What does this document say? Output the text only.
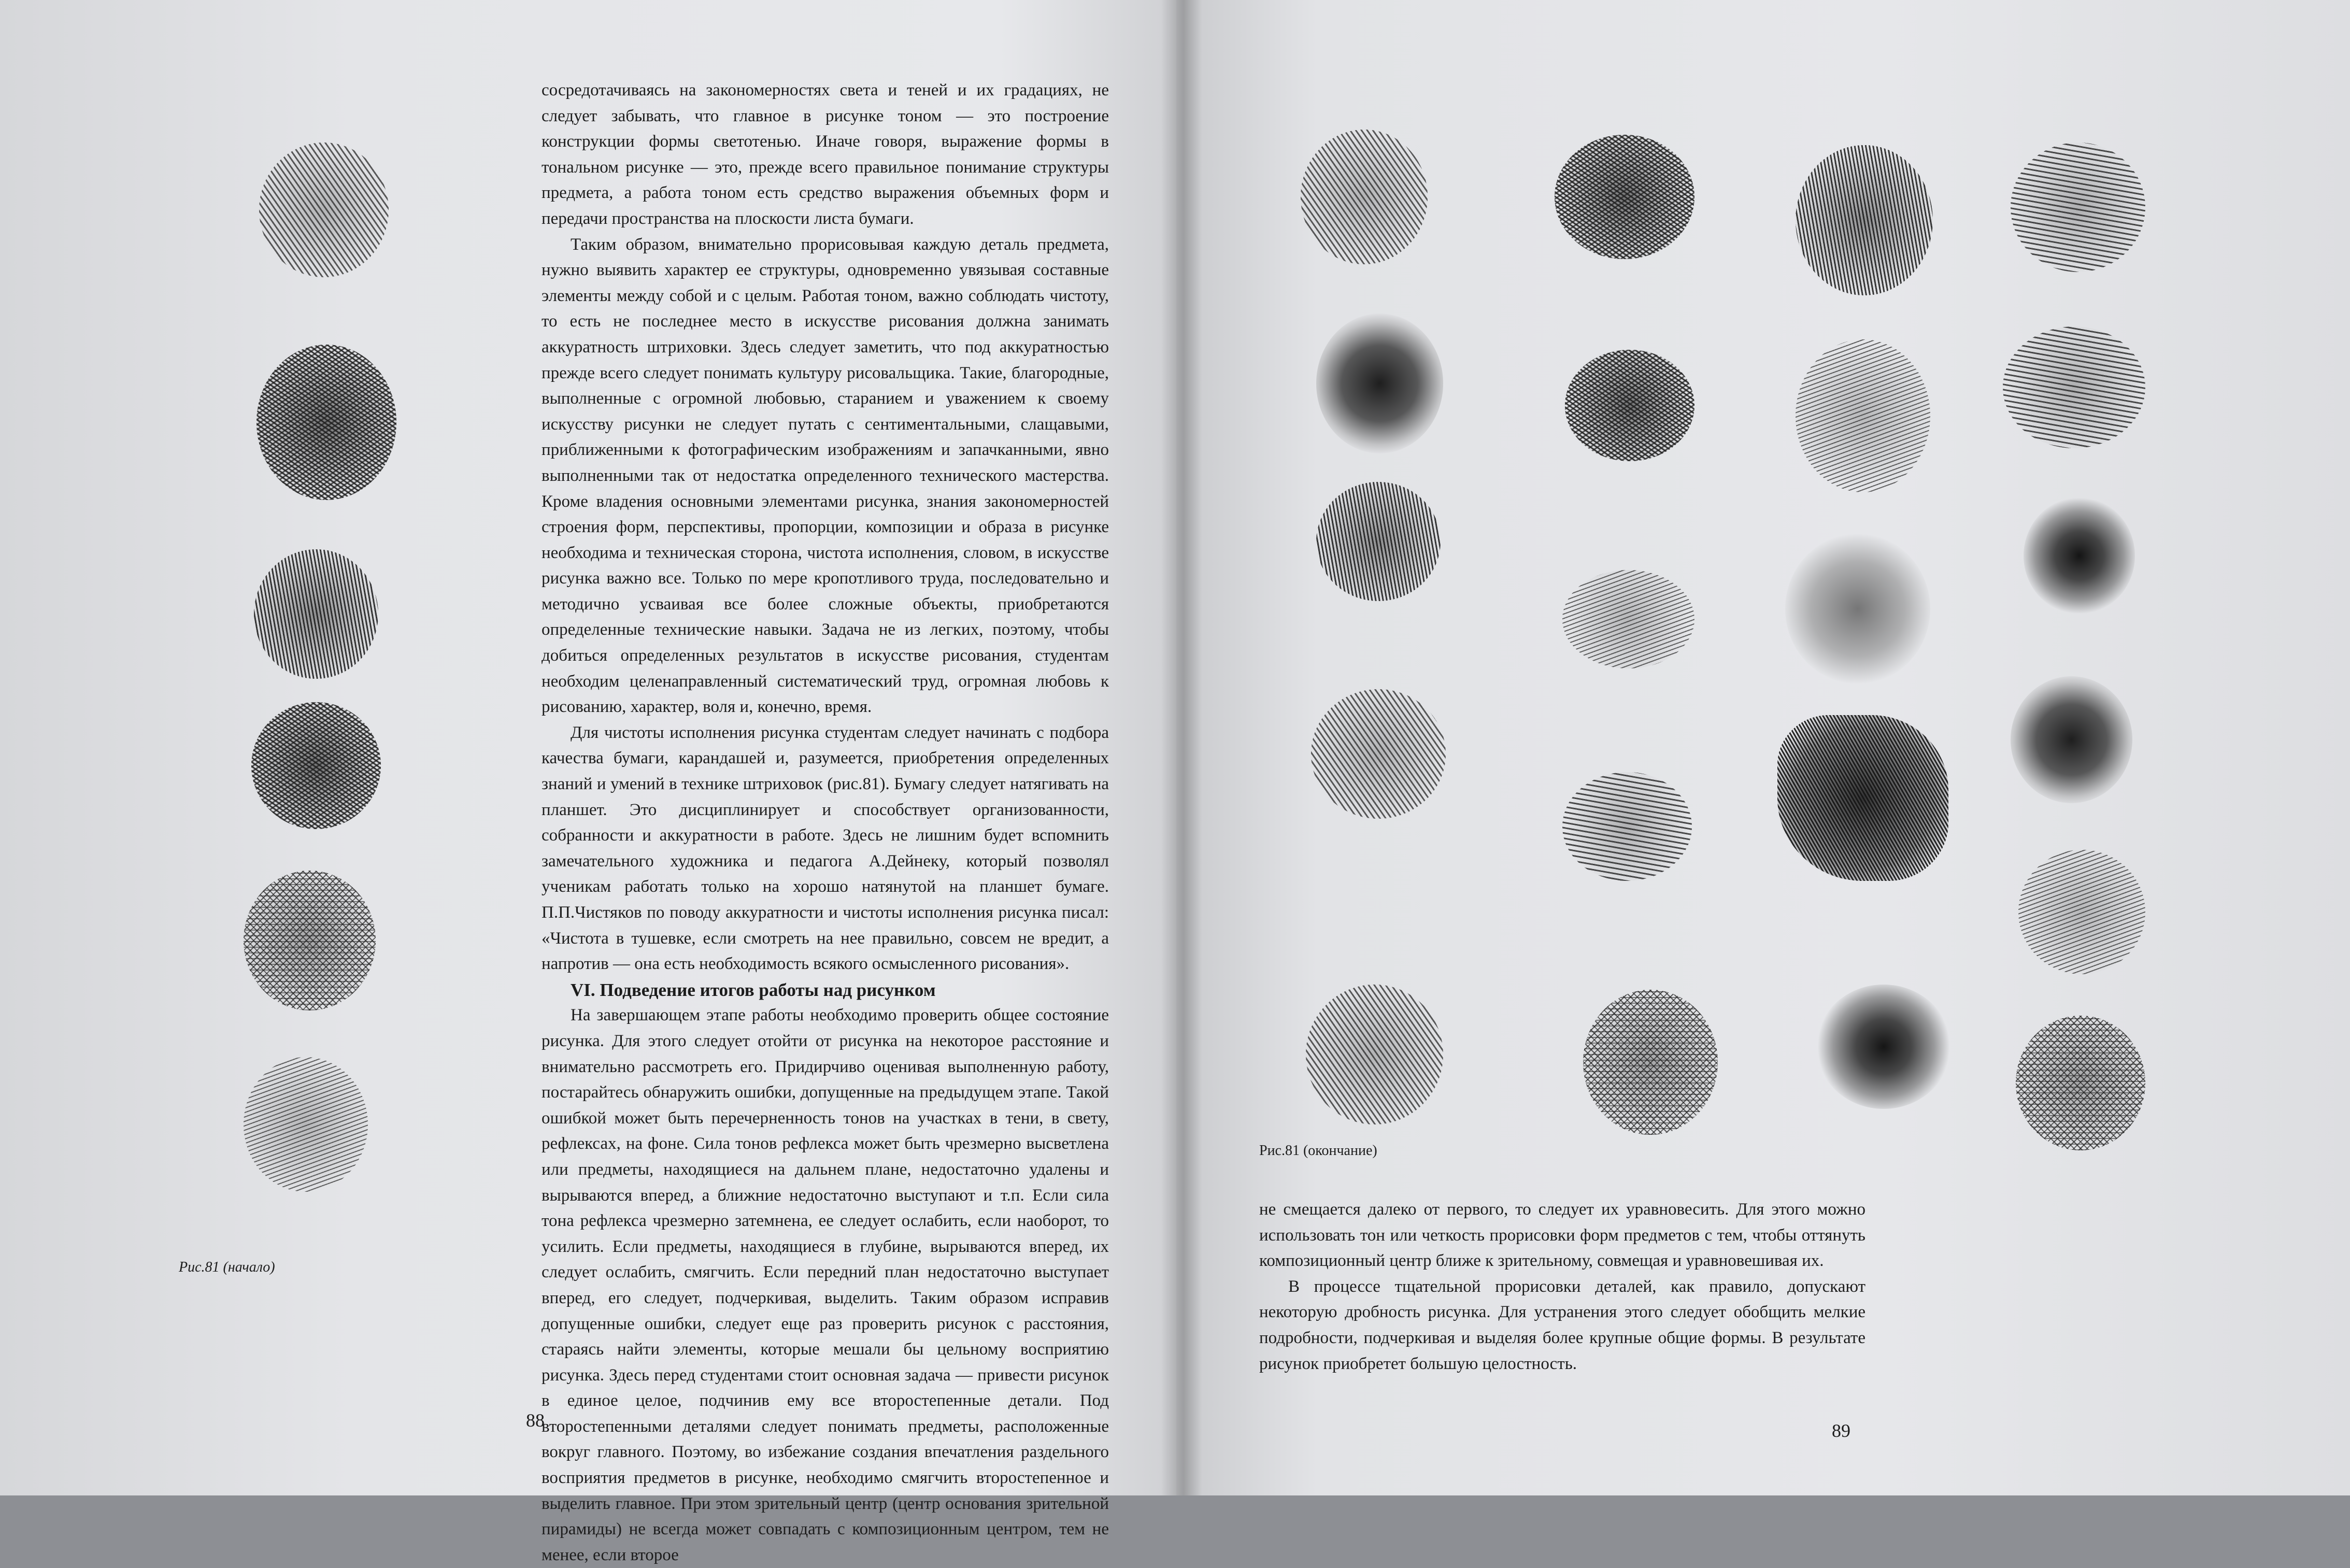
Рис.81 (начало)

сосредотачиваясь на закономерностях света и теней и их градациях, не следует забывать, что главное в рисунке тоном — это построение конструкции формы светотенью. Иначе говоря, выражение формы в тональном рисунке — это, прежде всего правильное понимание структуры предмета, а работа тоном есть средство выражения объемных форм и передачи пространства на плоскости листа бумаги.

Таким образом, внимательно прорисовывая каждую деталь предмета, нужно выявить характер ее структуры, одновременно увязывая составные элементы между собой и с целым. Работая тоном, важно соблюдать чистоту, то есть не последнее место в искусстве рисования должна занимать аккуратность штриховки. Здесь следует заметить, что под аккуратностью прежде всего следует понимать культуру рисовальщика. Такие, благородные, выполненные с огромной любовью, старанием и уважением к своему искусству рисунки не следует путать с сентиментальными, слащавыми, приближенными к фотографическим изображениям и запачканными, явно выполненными так от недостатка определенного технического мастерства. Кроме владения основными элементами рисунка, знания закономерностей строения форм, перспективы, пропорции, композиции и образа в рисунке необходима и техническая сторона, чистота исполнения, словом, в искусстве рисунка важно все. Только по мере кропотливого труда, последовательно и методично усваивая все более сложные объекты, приобретаются определенные технические навыки. Задача не из легких, поэтому, чтобы добиться определенных результатов в искусстве рисования, студентам необходим целенаправленный систематический труд, огромная любовь к рисованию, характер, воля и, конечно, время.

Для чистоты исполнения рисунка студентам следует начинать с подбора качества бумаги, карандашей и, разумеется, приобретения определенных знаний и умений в технике штриховок (рис.81). Бумагу следует натягивать на планшет. Это дисциплинирует и способствует организованности, собранности и аккуратности в работе. Здесь не лишним будет вспомнить замечательного художника и педагога А.Дейнеку, который позволял ученикам работать только на хорошо натянутой на планшет бумаге. П.П.Чистяков по поводу аккуратности и чистоты исполнения рисунка писал: «Чистота в тушевке, если смотреть на нее правильно, совсем не вредит, а напротив — она есть необходимость всякого осмысленного рисования».

VI. Подведение итогов работы над рисунком

На завершающем этапе работы необходимо проверить общее состояние рисунка. Для этого следует отойти от рисунка на некоторое расстояние и внимательно рассмотреть его. Придирчиво оценивая выполненную работу, постарайтесь обнаружить ошибки, допущенные на предыдущем этапе. Такой ошибкой может быть перечерненность тонов на участках в тени, в свету, рефлексах, на фоне. Сила тонов рефлекса может быть чрезмерно высветлена или предметы, находящиеся на дальнем плане, недостаточно удалены и вырываются вперед, а ближние недостаточно выступают и т.п. Если сила тона рефлекса чрезмерно затемнена, ее следует ослабить, если наоборот, то усилить. Если предметы, находящиеся в глубине, вырываются вперед, их следует ослабить, смягчить. Если передний план недостаточно выступает вперед, его следует, подчеркивая, выделить. Таким образом исправив допущенные ошибки, следует еще раз проверить рисунок с расстояния, стараясь найти элементы, которые мешали бы цельному восприятию рисунка. Здесь перед студентами стоит основная задача — привести рисунок в единое целое, подчинив ему все второстепенные детали. Под второстепенными деталями следует понимать предметы, расположенные вокруг главного. Поэтому, во избежание создания впечатления раздельного восприятия предметов в рисунке, необходимо смягчить второстепенное и выделить главное. При этом зрительный центр (центр основания зрительной пирамиды) не всегда может совпадать с композиционным центром, тем не менее, если второе

88
Рис.81 (окончание)

не смещается далеко от первого, то следует их уравновесить. Для этого можно использовать тон или четкость прорисовки форм предметов с тем, чтобы оттянуть композиционный центр ближе к зрительному, совмещая и уравновешивая их.

В процессе тщательной прорисовки деталей, как правило, допускают некоторую дробность рисунка. Для устранения этого следует обобщить мелкие подробности, подчеркивая и выделяя более крупные общие формы. В результате рисунок приобретет большую целостность.

89
